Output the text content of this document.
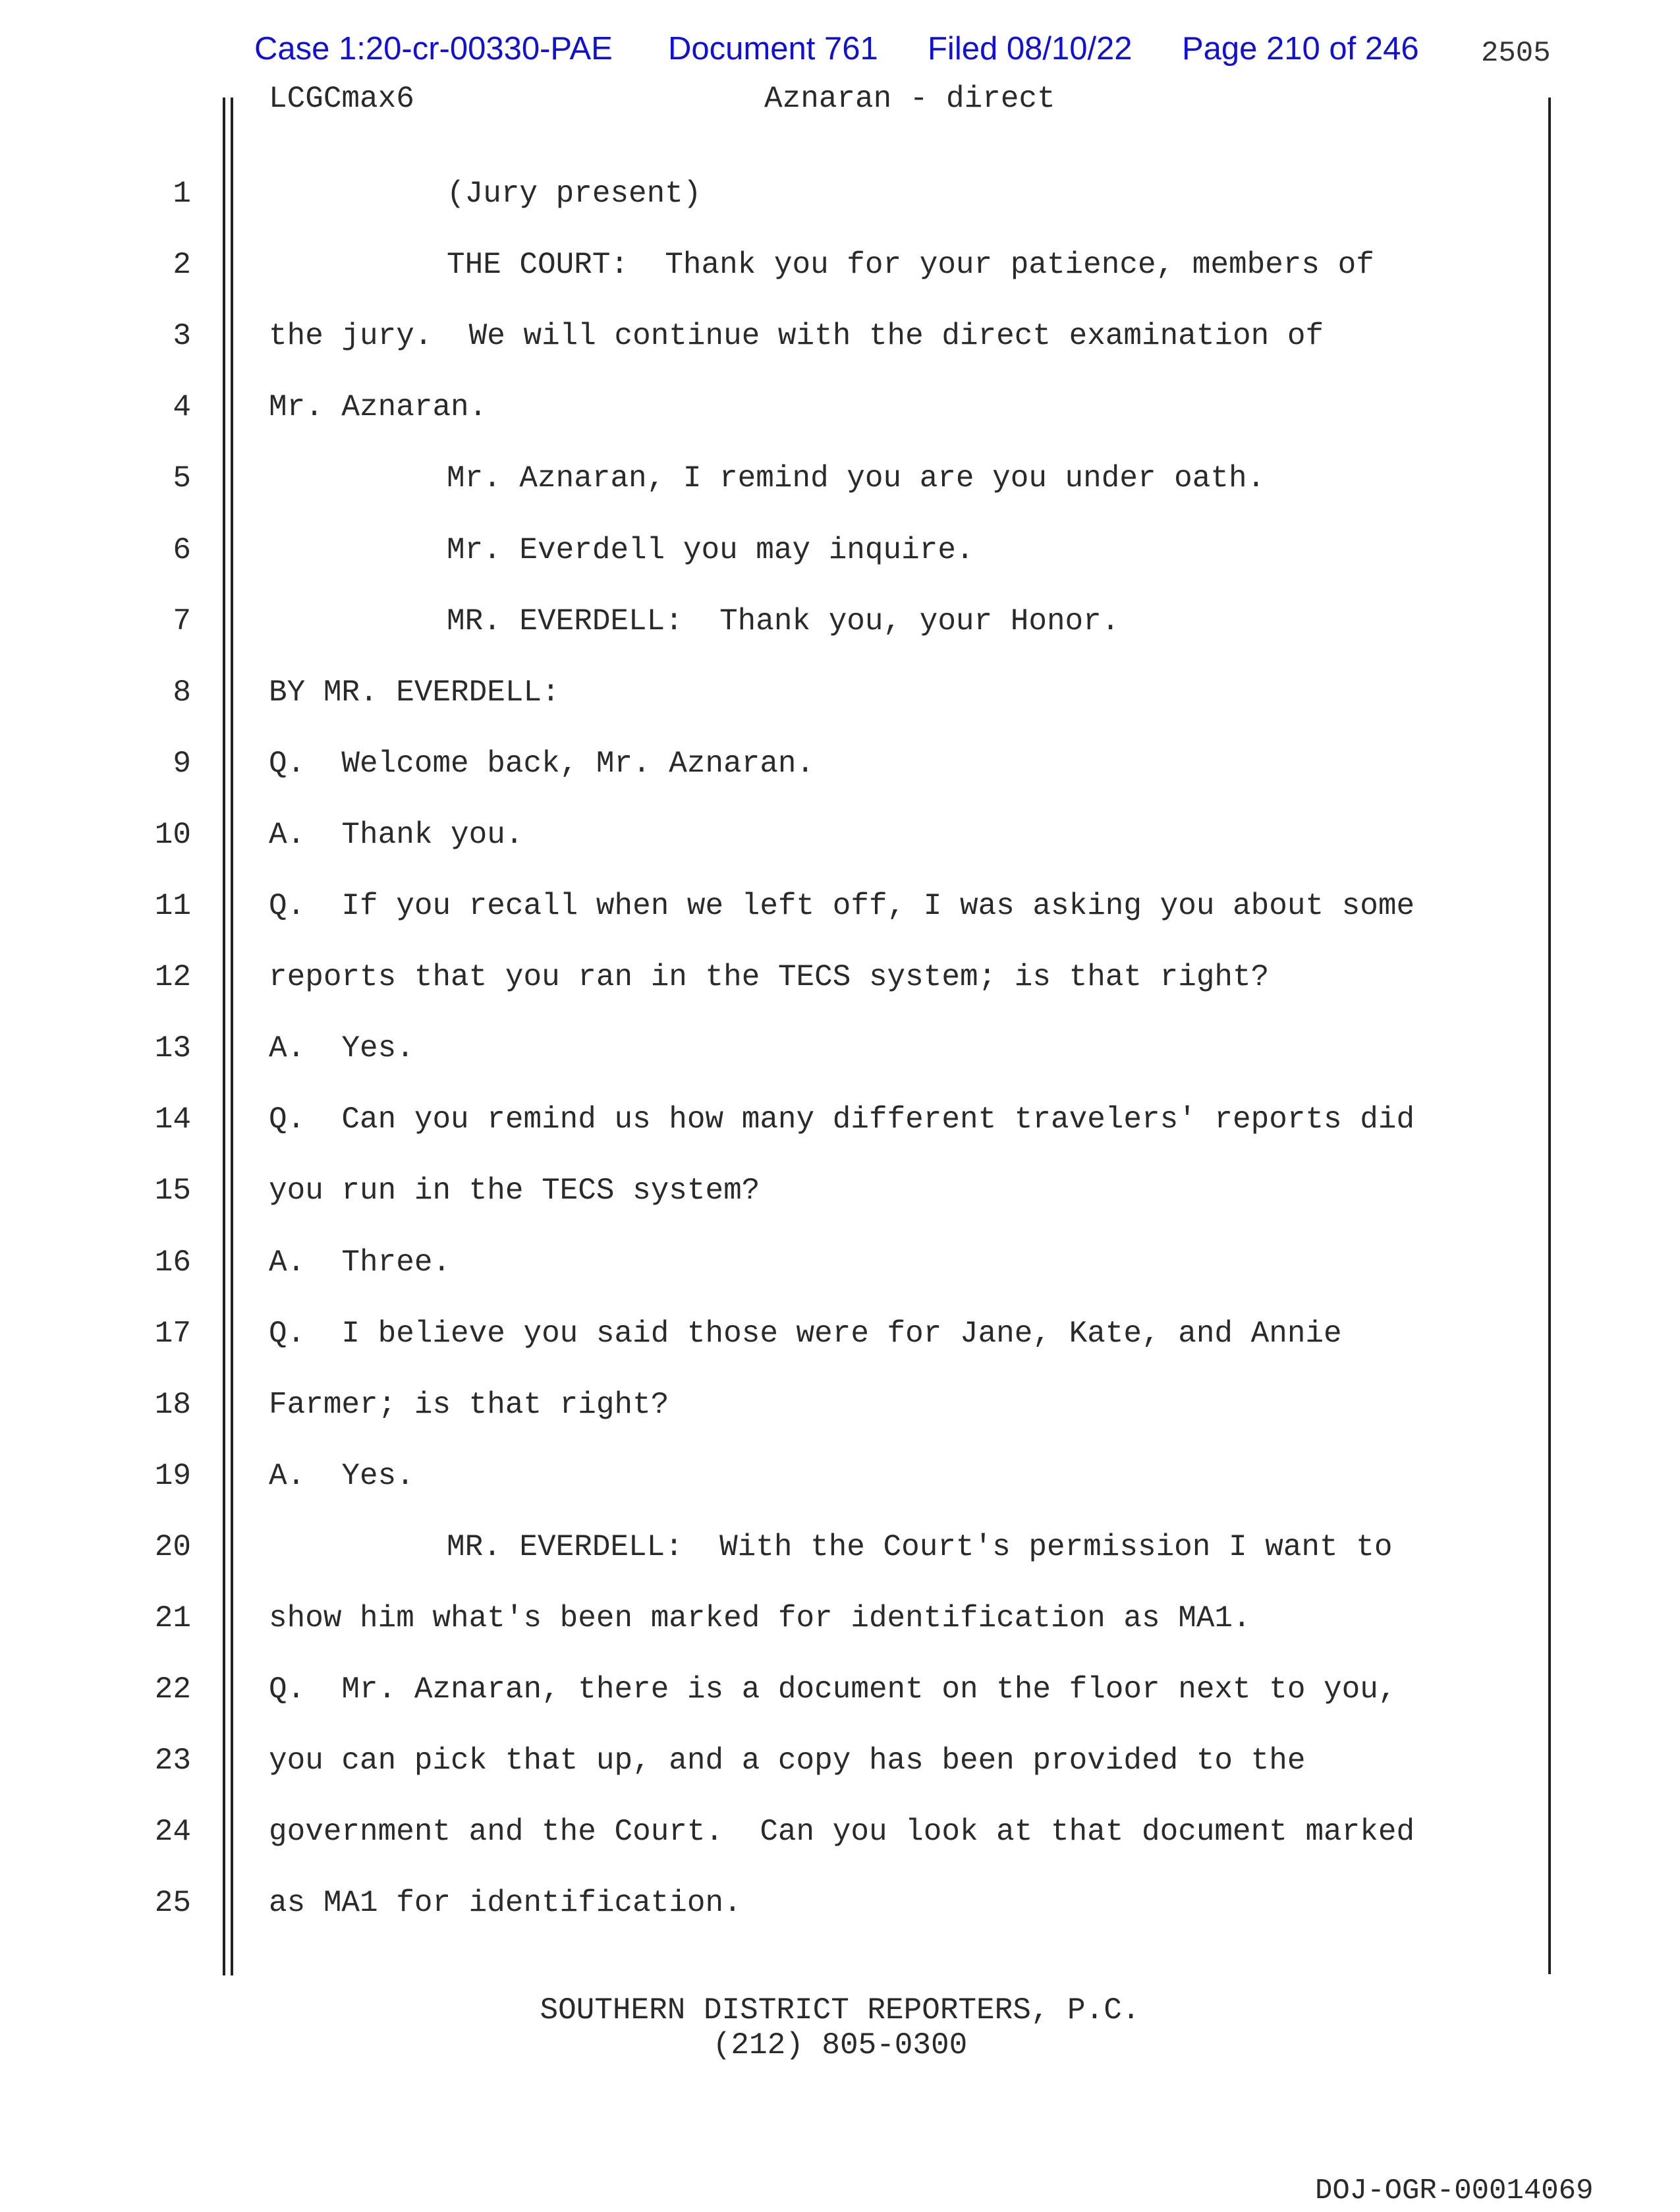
Case 1:20-cr-00330-PAE Document 761 Filed 08/10/22 Page 210 of 246 2505
LCGCmax6	Aznaran - direct
1	(Jury present)
2	THE COURT:  Thank you for your patience, members of
3	the jury.  We will continue with the direct examination of
4	Mr. Aznaran.
5	Mr. Aznaran, I remind you are you under oath.
6	Mr. Everdell you may inquire.
7	MR. EVERDELL:  Thank you, your Honor.
8	BY MR. EVERDELL:
9	Q.  Welcome back, Mr. Aznaran.
10	A.  Thank you.
11	Q.  If you recall when we left off, I was asking you about some
12	reports that you ran in the TECS system; is that right?
13	A.  Yes.
14	Q.  Can you remind us how many different travelers' reports did
15	you run in the TECS system?
16	A.  Three.
17	Q.  I believe you said those were for Jane, Kate, and Annie
18	Farmer; is that right?
19	A.  Yes.
20	MR. EVERDELL:  With the Court's permission I want to
21	show him what's been marked for identification as MA1.
22	Q.  Mr. Aznaran, there is a document on the floor next to you,
23	you can pick that up, and a copy has been provided to the
24	government and the Court.  Can you look at that document marked
25	as MA1 for identification.
SOUTHERN DISTRICT REPORTERS, P.C.
(212) 805-0300
DOJ-OGR-00014069
